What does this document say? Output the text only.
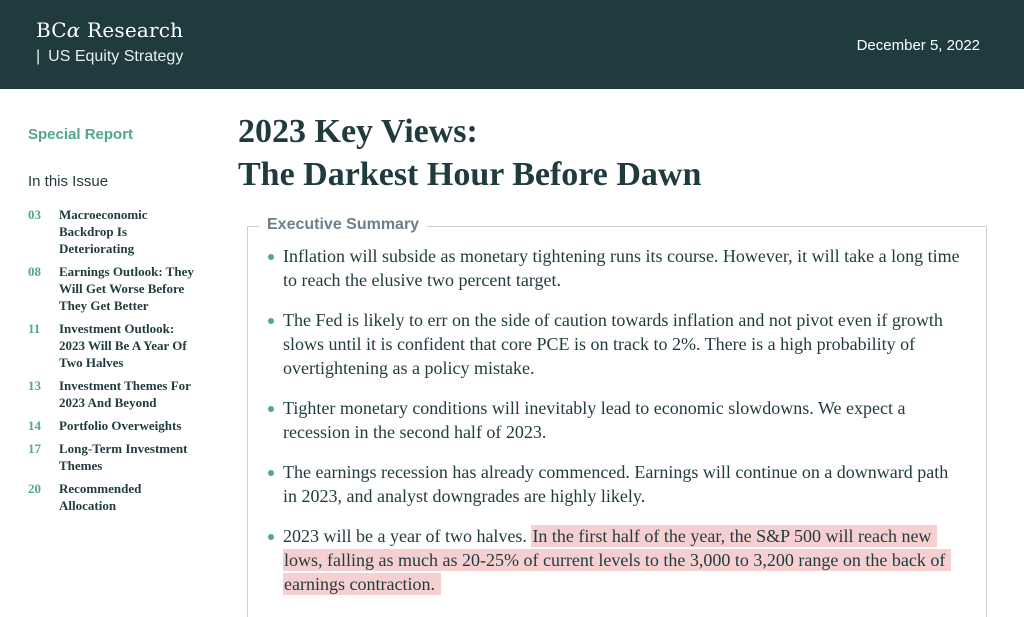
BCα Research
| US Equity Strategy
December 5, 2022
Special Report
In this Issue
03	Macroeconomic Backdrop Is Deteriorating
08	Earnings Outlook: They Will Get Worse Before They Get Better
11	Investment Outlook: 2023 Will Be A Year Of Two Halves
13	Investment Themes For 2023 And Beyond
14	Portfolio Overweights
17	Long-Term Investment Themes
20	Recommended Allocation
2023 Key Views:
The Darkest Hour Before Dawn
Executive Summary
Inflation will subside as monetary tightening runs its course. However, it will take a long time to reach the elusive two percent target.
The Fed is likely to err on the side of caution towards inflation and not pivot even if growth slows until it is confident that core PCE is on track to 2%. There is a high probability of overtightening as a policy mistake.
Tighter monetary conditions will inevitably lead to economic slowdowns. We expect a recession in the second half of 2023.
The earnings recession has already commenced. Earnings will continue on a downward path in 2023, and analyst downgrades are highly likely.
2023 will be a year of two halves. In the first half of the year, the S&P 500 will reach new lows, falling as much as 20-25% of current levels to the 3,000 to 3,200 range on the back of earnings contraction.
